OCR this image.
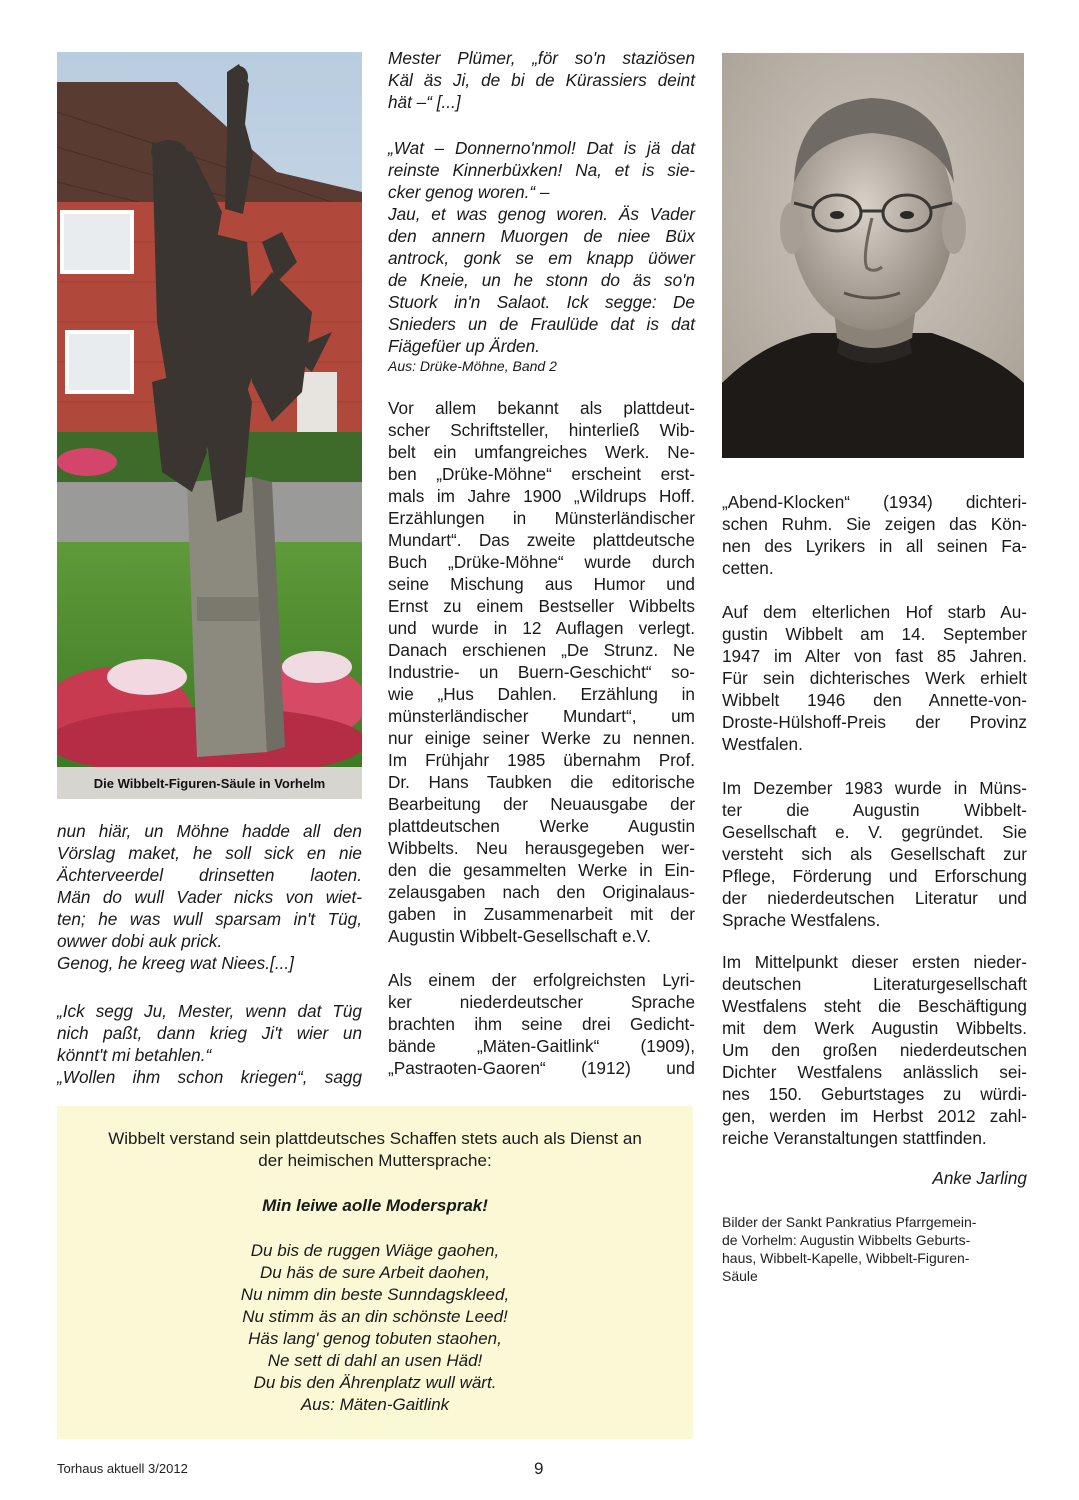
Die Wibbelt-Figuren-Säule in Vorhelm
nun hiär, un Möhne hadde all den
Vörslag maket, he soll sick en nie
Ächterveerdel drinsetten laoten.
Män do wull Vader nicks von wiet-
ten; he was wull sparsam in't Tüg,
owwer dobi auk prick.
Genog, he kreeg wat Niees.[...]
„Ick segg Ju, Mester, wenn dat Tüg
nich paßt, dann krieg Ji't wier un
könnt't mi betahlen.“
„Wollen ihm schon kriegen“, sagg
Mester Plümer, „för so'n staziösen
Käl äs Ji, de bi de Kürassiers deint
hät –“ [...]
„Wat – Donnerno'nmol! Dat is jä dat
reinste Kinnerbüxken! Na, et is sie-
cker genog woren.“ –
Jau, et was genog woren. Äs Vader
den annern Muorgen de niee Büx
antrock, gonk se em knapp üöwer
de Kneie, un he stonn do äs so'n
Stuork in'n Salaot. Ick segge: De
Snieders un de Fraulüde dat is dat
Fiägefüer up Ärden.
Aus: Drüke-Möhne, Band 2
Vor allem bekannt als plattdeut-
scher Schriftsteller, hinterließ Wib-
belt ein umfangreiches Werk. Ne-
ben „Drüke-Möhne“ erscheint erst-
mals im Jahre 1900 „Wildrups Hoff.
Erzählungen in Münsterländischer
Mundart“. Das zweite plattdeutsche
Buch „Drüke-Möhne“ wurde durch
seine Mischung aus Humor und
Ernst zu einem Bestseller Wibbelts
und wurde in 12 Auflagen verlegt.
Danach erschienen „De Strunz. Ne
Industrie- un Buern-Geschicht“ so-
wie „Hus Dahlen. Erzählung in
münsterländischer Mundart“, um
nur einige seiner Werke zu nennen.
Im Frühjahr 1985 übernahm Prof.
Dr. Hans Taubken die editorische
Bearbeitung der Neuausgabe der
plattdeutschen Werke Augustin
Wibbelts. Neu herausgegeben wer-
den die gesammelten Werke in Ein-
zelausgaben nach den Originalaus-
gaben in Zusammenarbeit mit der
Augustin Wibbelt-Gesellschaft e.V.
Als einem der erfolgreichsten Lyri-
ker niederdeutscher Sprache
brachten ihm seine drei Gedicht-
bände „Mäten-Gaitlink“ (1909),
„Pastraoten-Gaoren“ (1912) und
„Abend-Klocken“ (1934) dichteri-
schen Ruhm. Sie zeigen das Kön-
nen des Lyrikers in all seinen Fa-
cetten.
Auf dem elterlichen Hof starb Au-
gustin Wibbelt am 14. September
1947 im Alter von fast 85 Jahren.
Für sein dichterisches Werk erhielt
Wibbelt 1946 den Annette-von-
Droste-Hülshoff-Preis der Provinz
Westfalen.
Im Dezember 1983 wurde in Müns-
ter die Augustin Wibbelt-
Gesellschaft e. V. gegründet. Sie
versteht sich als Gesellschaft zur
Pflege, Förderung und Erforschung
der niederdeutschen Literatur und
Sprache Westfalens.
Im Mittelpunkt dieser ersten nieder-
deutschen Literaturgesellschaft
Westfalens steht die Beschäftigung
mit dem Werk Augustin Wibbelts.
Um den großen niederdeutschen
Dichter Westfalens anlässlich sei-
nes 150. Geburtstages zu würdi-
gen, werden im Herbst 2012 zahl-
reiche Veranstaltungen stattfinden.
Anke Jarling
Bilder der Sankt Pankratius Pfarrgemein-
de Vorhelm: Augustin Wibbelts Geburts-
haus, Wibbelt-Kapelle, Wibbelt-Figuren-
Säule
Wibbelt verstand sein plattdeutsches Schaffen stets auch als Dienst an
der heimischen Muttersprache:
Min leiwe aolle Modersprak!
Du bis de ruggen Wiäge gaohen,
Du häs de sure Arbeit daohen,
Nu nimm din beste Sunndagskleed,
Nu stimm äs an din schönste Leed!
Häs lang' genog tobuten staohen,
Ne sett di dahl an usen Häd!
Du bis den Ährenplatz wull wärt.
Aus: Mäten-Gaitlink
Torhaus aktuell 3/2012	9
